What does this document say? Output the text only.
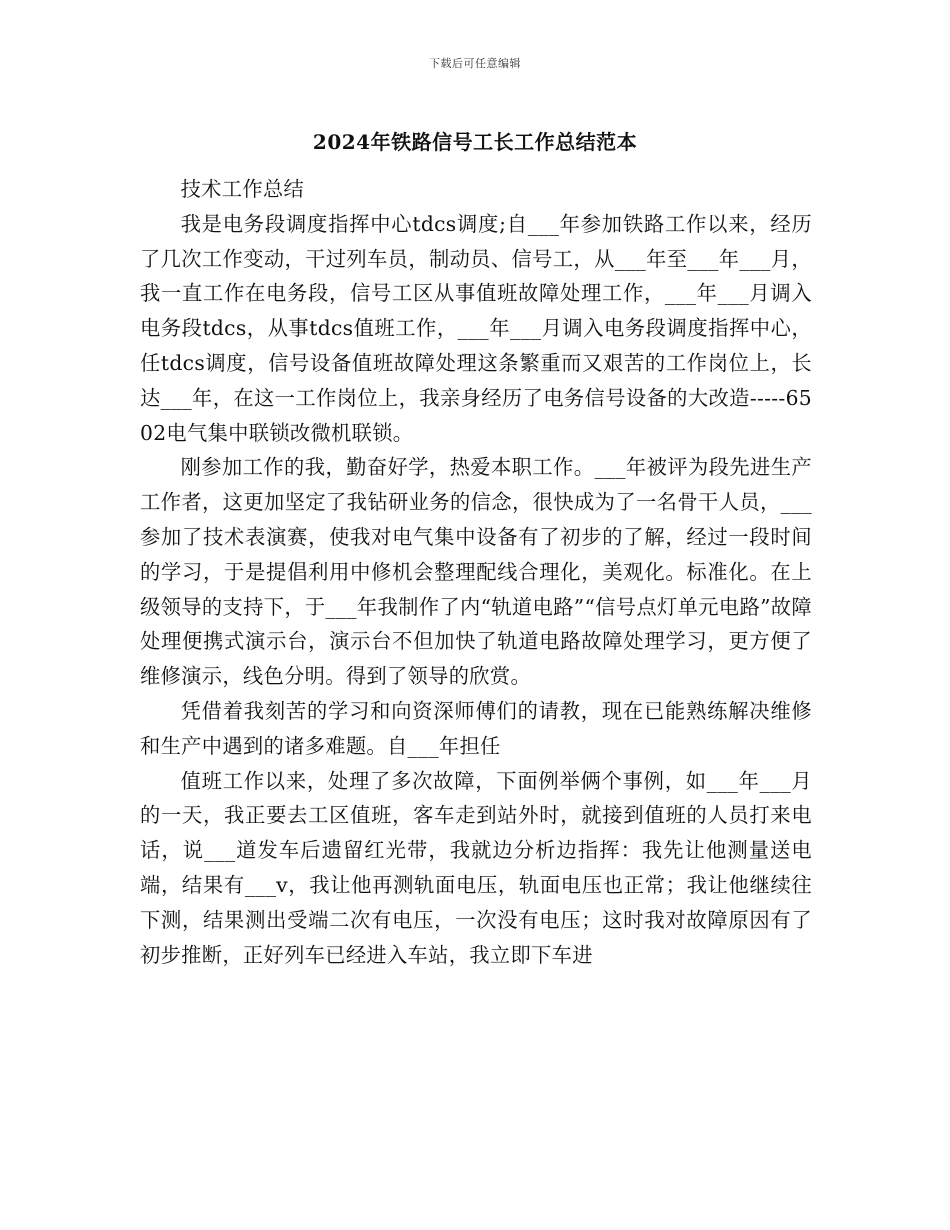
下载后可任意编辑
2024年铁路信号工长工作总结范本

技术工作总结

我是电务段调度指挥中心tdcs调度;自___年参加铁路工作以来，经历了几次工作变动，干过列车员，制动员、信号工，从___年至___年___月，我一直工作在电务段，信号工区从事值班故障处理工作，___年___月调入电务段tdcs，从事tdcs值班工作，___年___月调入电务段调度指挥中心，任tdcs调度，信号设备值班故障处理这条繁重而又艰苦的工作岗位上，长达___年，在这一工作岗位上，我亲身经历了电务信号设备的大改造-----6502电气集中联锁改微机联锁。

刚参加工作的我，勤奋好学，热爱本职工作。___年被评为段先进生产工作者，这更加坚定了我钻研业务的信念，很快成为了一名骨干人员，___参加了技术表演赛，使我对电气集中设备有了初步的了解，经过一段时间的学习，于是提倡利用中修机会整理配线合理化，美观化。标准化。在上级领导的支持下，于___年我制作了内“轨道电路”“信号点灯单元电路”故障处理便携式演示台，演示台不但加快了轨道电路故障处理学习，更方便了维修演示，线色分明。得到了领导的欣赏。

凭借着我刻苦的学习和向资深师傅们的请教，现在已能熟练解决维修和生产中遇到的诸多难题。自___年担任

值班工作以来，处理了多次故障，下面例举俩个事例，如___年___月的一天，我正要去工区值班，客车走到站外时，就接到值班的人员打来电话，说___道发车后遗留红光带，我就边分析边指挥：我先让他测量送电端，结果有___v，我让他再测轨面电压，轨面电压也正常；我让他继续往下测，结果测出受端二次有电压，一次没有电压；这时我对故障原因有了初步推断，正好列车已经进入车站，我立即下车进
